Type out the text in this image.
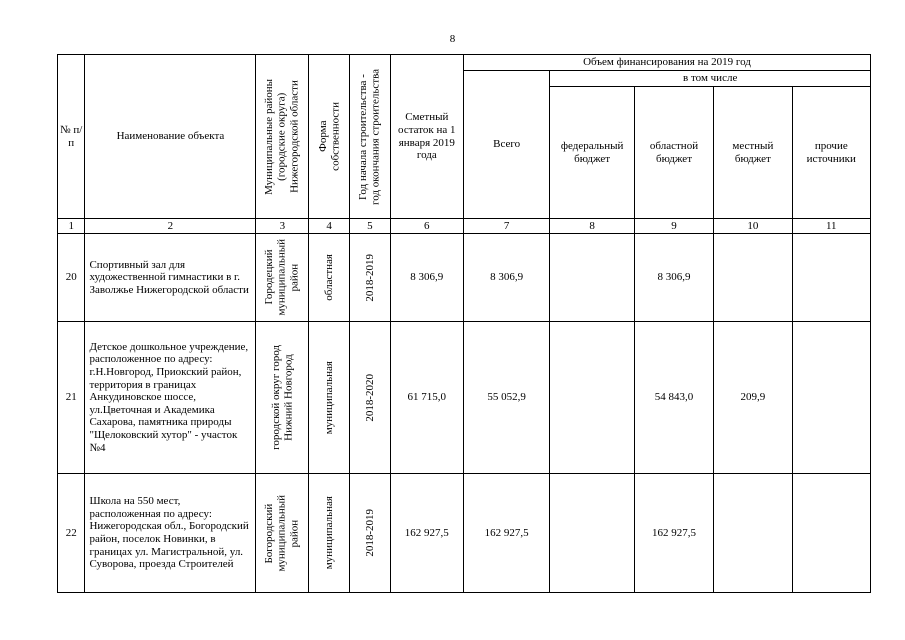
8
№ п/п	Наименование объекта	Муниципальные районы (городские округа) Нижегородской области	Форма собственности	Год начала строительства - год окончания строительства	Сметный остаток на 1 января 2019 года	Объем финансирования на 2019 год				
						Всего	в том числе			
							федеральный бюджет	областной бюджет	местный бюджет	прочие источники
1	2	3	4	5	6	7	8	9	10	11
20	Спортивный зал для художественной гимнастики в г. Заволжье Нижегородской области	Городецкий муниципальный район	областная	2018-2019	8 306,9	8 306,9		8 306,9		
21	Детское дошкольное учреждение, расположенное по адресу: г.Н.Новгород, Приокский район, территория в границах Анкудиновское шоссе, ул.Цветочная и Академика Сахарова, памятника природы "Щелоковский хутор" - участок №4	городской округ город Нижний Новгород	муниципальная	2018-2020	61 715,0	55 052,9		54 843,0	209,9	
22	Школа на 550 мест, расположенная по адресу: Нижегородская обл., Богородский район, поселок Новинки, в границах ул. Магистральной, ул. Суворова, проезда Строителей	Богородский муниципальный район	муниципальная	2018-2019	162 927,5	162 927,5		162 927,5		
